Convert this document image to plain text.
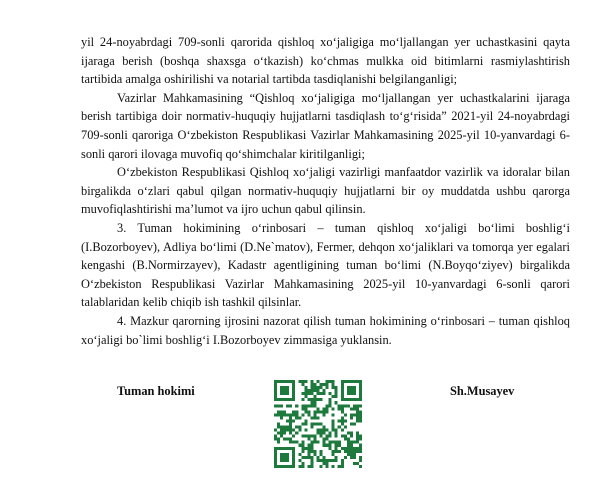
yil 24-noyabrdagi 709-sonli qarorida qishloq xo‘jaligiga mo‘ljallangan yer uchastkasini qayta ijaraga berish (boshqa shaxsga o‘tkazish) ko‘chmas mulkka oid bitimlarni rasmiylashtirish tartibida amalga oshirilishi va notarial tartibda tasdiqlanishi belgilanganligi;

Vazirlar Mahkamasining “Qishloq xo‘jaligiga mo‘ljallangan yer uchastkalarini ijaraga berish tartibiga doir normativ-huquqiy hujjatlarni tasdiqlash to‘g‘risida” 2021-yil 24-noyabrdagi 709-sonli qaroriga O‘zbekiston Respublikasi Vazirlar Mahkamasining 2025-yil 10-yanvardagi 6-sonli qarori ilovaga muvofiq qo‘shimchalar kiritilganligi;

O‘zbekiston Respublikasi Qishloq xo‘jaligi vazirligi manfaatdor vazirlik va idoralar bilan birgalikda o‘zlari qabul qilgan normativ-huquqiy hujjatlarni bir oy muddatda ushbu qarorga muvofiqlashtirishi ma’lumot va ijro uchun qabul qilinsin.

3. Tuman hokimining o‘rinbosari – tuman qishloq xo‘jaligi bo‘limi boshlig‘i (I.Bozorboyev), Adliya bo‘limi (D.Ne`matov), Fermer, dehqon xo‘jaliklari va tomorqa yer egalari kengashi (B.Normirzayev), Kadastr agentligining tuman bo‘limi (N.Boyqo‘ziyev) birgalikda O‘zbekiston Respublikasi Vazirlar Mahkamasining 2025-yil 10-yanvardagi 6-sonli qarori talablaridan kelib chiqib ish tashkil qilsinlar.

4. Mazkur qarorning ijrosini nazorat qilish tuman hokimining o‘rinbosari – tuman qishloq xo‘jaligi bo`limi boshlig‘i I.Bozorboyev zimmasiga yuklansin.

Tuman hokimi	Sh.Musayev
